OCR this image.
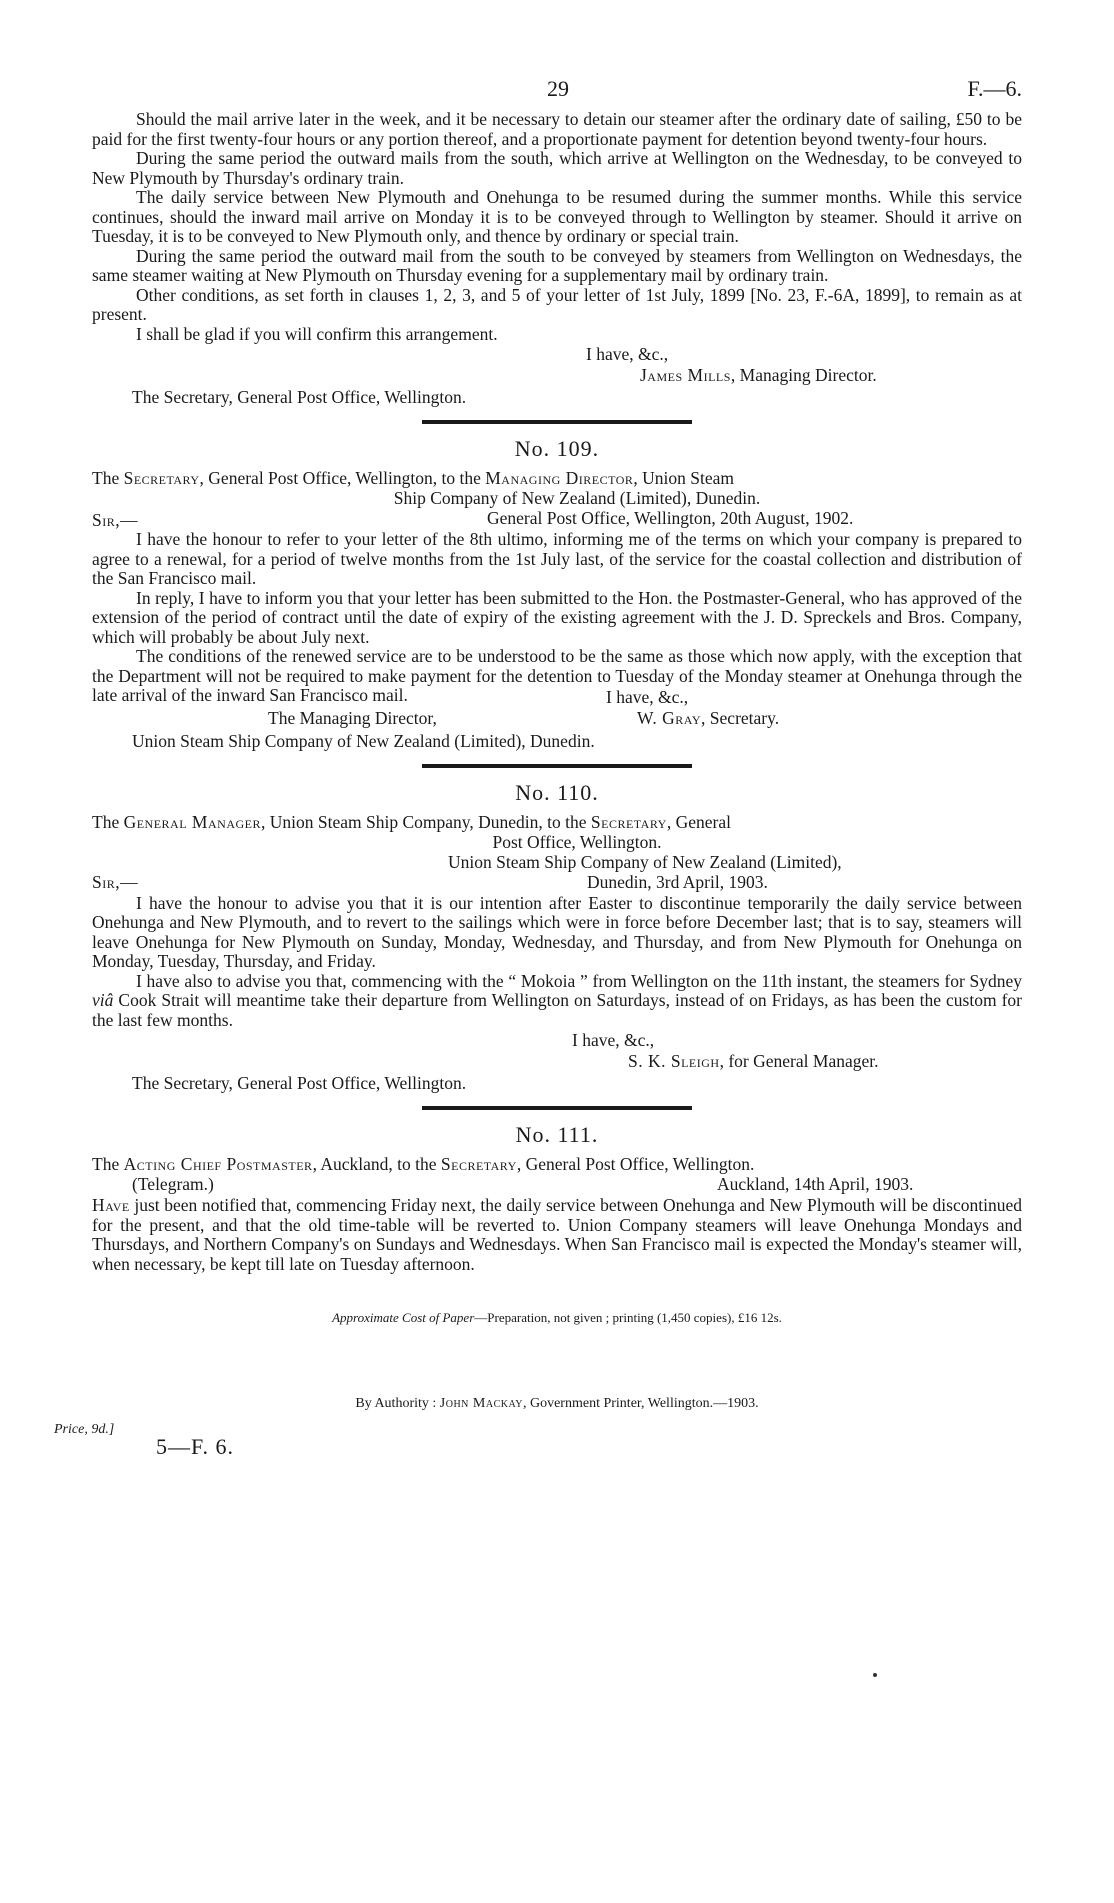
29	F.—6.

Should the mail arrive later in the week, and it be necessary to detain our steamer after the ordinary date of sailing, £50 to be paid for the first twenty-four hours or any portion thereof, and a proportionate payment for detention beyond twenty-four hours.

During the same period the outward mails from the south, which arrive at Wellington on the Wednesday, to be conveyed to New Plymouth by Thursday's ordinary train.

The daily service between New Plymouth and Onehunga to be resumed during the summer months. While this service continues, should the inward mail arrive on Monday it is to be conveyed through to Wellington by steamer. Should it arrive on Tuesday, it is to be conveyed to New Plymouth only, and thence by ordinary or special train.

During the same period the outward mail from the south to be conveyed by steamers from Wellington on Wednesdays, the same steamer waiting at New Plymouth on Thursday evening for a supplementary mail by ordinary train.

Other conditions, as set forth in clauses 1, 2, 3, and 5 of your letter of 1st July, 1899 [No. 23, F.-6A, 1899], to remain as at present.

I shall be glad if you will confirm this arrangement.

I have, &c.,
James Mills, Managing Director.
The Secretary, General Post Office, Wellington.
No. 109.
The Secretary, General Post Office, Wellington, to the Managing Director, Union Steam
Ship Company of New Zealand (Limited), Dunedin.
Sir,—	General Post Office, Wellington, 20th August, 1902.

I have the honour to refer to your letter of the 8th ultimo, informing me of the terms on which your company is prepared to agree to a renewal, for a period of twelve months from the 1st July last, of the service for the coastal collection and distribution of the San Francisco mail.

In reply, I have to inform you that your letter has been submitted to the Hon. the Postmaster-General, who has approved of the extension of the period of contract until the date of expiry of the existing agreement with the J. D. Spreckels and Bros. Company, which will probably be about July next.

The conditions of the renewed service are to be understood to be the same as those which now apply, with the exception that the Department will not be required to make payment for the detention to Tuesday of the Monday steamer at Onehunga through the late arrival of the inward San Francisco mail.	I have, &c.,
The Managing Director,	W. Gray, Secretary.
Union Steam Ship Company of New Zealand (Limited), Dunedin.
No. 110.
The General Manager, Union Steam Ship Company, Dunedin, to the Secretary, General
Post Office, Wellington.
Union Steam Ship Company of New Zealand (Limited),
Sir,—	Dunedin, 3rd April, 1903.

I have the honour to advise you that it is our intention after Easter to discontinue temporarily the daily service between Onehunga and New Plymouth, and to revert to the sailings which were in force before December last; that is to say, steamers will leave Onehunga for New Plymouth on Sunday, Monday, Wednesday, and Thursday, and from New Plymouth for Onehunga on Monday, Tuesday, Thursday, and Friday.

I have also to advise you that, commencing with the “ Mokoia ” from Wellington on the 11th instant, the steamers for Sydney viâ Cook Strait will meantime take their departure from Wellington on Saturdays, instead of on Fridays, as has been the custom for the last few months.

I have, &c.,
S. K. Sleigh, for General Manager.
The Secretary, General Post Office, Wellington.
No. 111.
The Acting Chief Postmaster, Auckland, to the Secretary, General Post Office, Wellington.
(Telegram.)	Auckland, 14th April, 1903.

Have just been notified that, commencing Friday next, the daily service between Onehunga and New Plymouth will be discontinued for the present, and that the old time-table will be reverted to. Union Company steamers will leave Onehunga Mondays and Thursdays, and Northern Company's on Sundays and Wednesdays. When San Francisco mail is expected the Monday's steamer will, when necessary, be kept till late on Tuesday afternoon.

Approximate Cost of Paper—Preparation, not given ; printing (1,450 copies), £16 12s.
By Authority : John Mackay, Government Printer, Wellington.—1903.
Price, 9d.]
5—F. 6.
